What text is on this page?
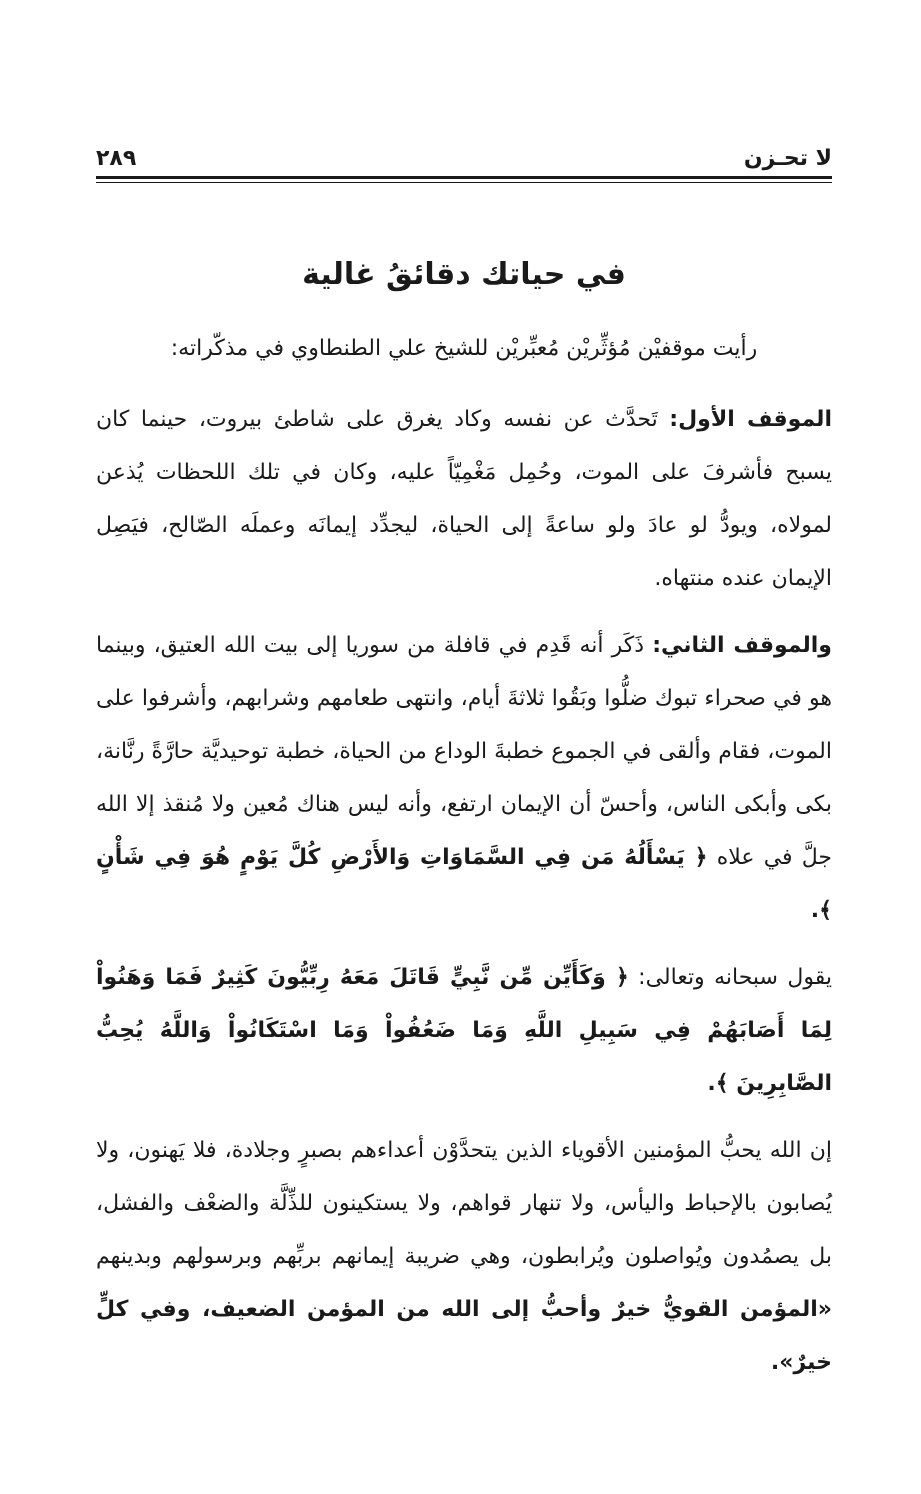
لا تحـزن
٢٨٩
في حياتك دقائقُ غالية

رأيت موقفيْن مُؤثِّريْن مُعبِّريْن للشيخ علي الطنطاوي في مذكّراته:

الموقف الأول: تَحدَّث عن نفسه وكاد يغرق على شاطئ بيروت، حينما كان يسبح فأشرفَ على الموت، وحُمِل مَغْمِيّاً عليه، وكان في تلك اللحظات يُذعن لمولاه، ويودُّ لو عادَ ولو ساعةً إلى الحياة، ليجدِّد إيمانَه وعملَه الصّالح، فيَصِل الإيمان عنده منتهاه.

والموقف الثاني: ذَكَر أنه قَدِم في قافلة من سوريا إلى بيت الله العتيق، وبينما هو في صحراء تبوك ضلُّوا وبَقُوا ثلاثةَ أيام، وانتهى طعامهم وشرابهم، وأشرفوا على الموت، فقام وألقى في الجموع خطبةَ الوداع من الحياة، خطبة توحيديَّة حارَّةً رنَّانة، بكى وأبكى الناس، وأحسّ أن الإيمان ارتفع، وأنه ليس هناك مُعين ولا مُنقذ إلا الله جلَّ في علاه ﴿ يَسْأَلُهُ مَن فِي السَّمَاوَاتِ وَالأَرْضِ كُلَّ يَوْمٍ هُوَ فِي شَأْنٍ ﴾.

يقول سبحانه وتعالى: ﴿ وَكَأَيِّن مِّن نَّبِيٍّ قَاتَلَ مَعَهُ رِبِّيُّونَ كَثِيرٌ فَمَا وَهَنُواْ لِمَا أَصَابَهُمْ فِي سَبِيلِ اللَّهِ وَمَا ضَعُفُواْ وَمَا اسْتَكَانُواْ وَاللَّهُ يُحِبُّ الصَّابِرِينَ ﴾.

إن الله يحبُّ المؤمنين الأقوياء الذين يتحدَّوْن أعداءهم بصبرٍ وجلادة، فلا يَهنون، ولا يُصابون بالإحباط واليأس، ولا تنهار قواهم، ولا يستكينون للذِّلَّة والضعْف والفشل، بل يصمُدون ويُواصلون ويُرابطون، وهي ضريبة إيمانهم بربِّهم وبرسولهم وبدينهم «المؤمن القويُّ خيرٌ وأحبُّ إلى الله من المؤمن الضعيف، وفي كلٍّ خيرٌ».
